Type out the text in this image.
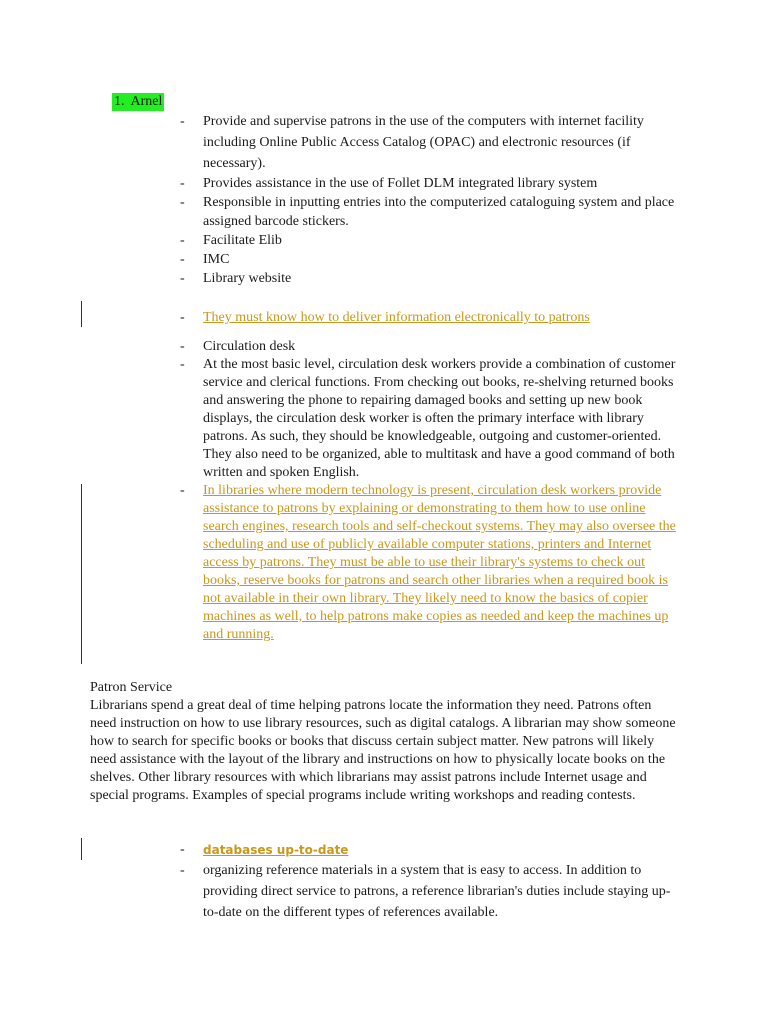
1. Arnel
- Provide and supervise patrons in the use of the computers with internet facility including Online Public Access Catalog (OPAC) and electronic resources (if necessary).
- Provides assistance in the use of Follet DLM integrated library system
- Responsible in inputting entries into the computerized cataloguing system and place assigned barcode stickers.
- Facilitate Elib
- IMC
- Library website
- They must know how to deliver information electronically to patrons
- Circulation desk
- At the most basic level, circulation desk workers provide a combination of customer service and clerical functions. From checking out books, re-shelving returned books and answering the phone to repairing damaged books and setting up new book displays, the circulation desk worker is often the primary interface with library patrons. As such, they should be knowledgeable, outgoing and customer-oriented. They also need to be organized, able to multitask and have a good command of both written and spoken English.
- In libraries where modern technology is present, circulation desk workers provide assistance to patrons by explaining or demonstrating to them how to use online search engines, research tools and self-checkout systems. They may also oversee the scheduling and use of publicly available computer stations, printers and Internet access by patrons. They must be able to use their library's systems to check out books, reserve books for patrons and search other libraries when a required book is not available in their own library. They likely need to know the basics of copier machines as well, to help patrons make copies as needed and keep the machines up and running.
Patron Service

Librarians spend a great deal of time helping patrons locate the information they need. Patrons often need instruction on how to use library resources, such as digital catalogs. A librarian may show someone how to search for specific books or books that discuss certain subject matter. New patrons will likely need assistance with the layout of the library and instructions on how to physically locate books on the shelves. Other library resources with which librarians may assist patrons include Internet usage and special programs. Examples of special programs include writing workshops and reading contests.

- databases up-to-date
- organizing reference materials in a system that is easy to access. In addition to providing direct service to patrons, a reference librarian's duties include staying up-to-date on the different types of references available.
